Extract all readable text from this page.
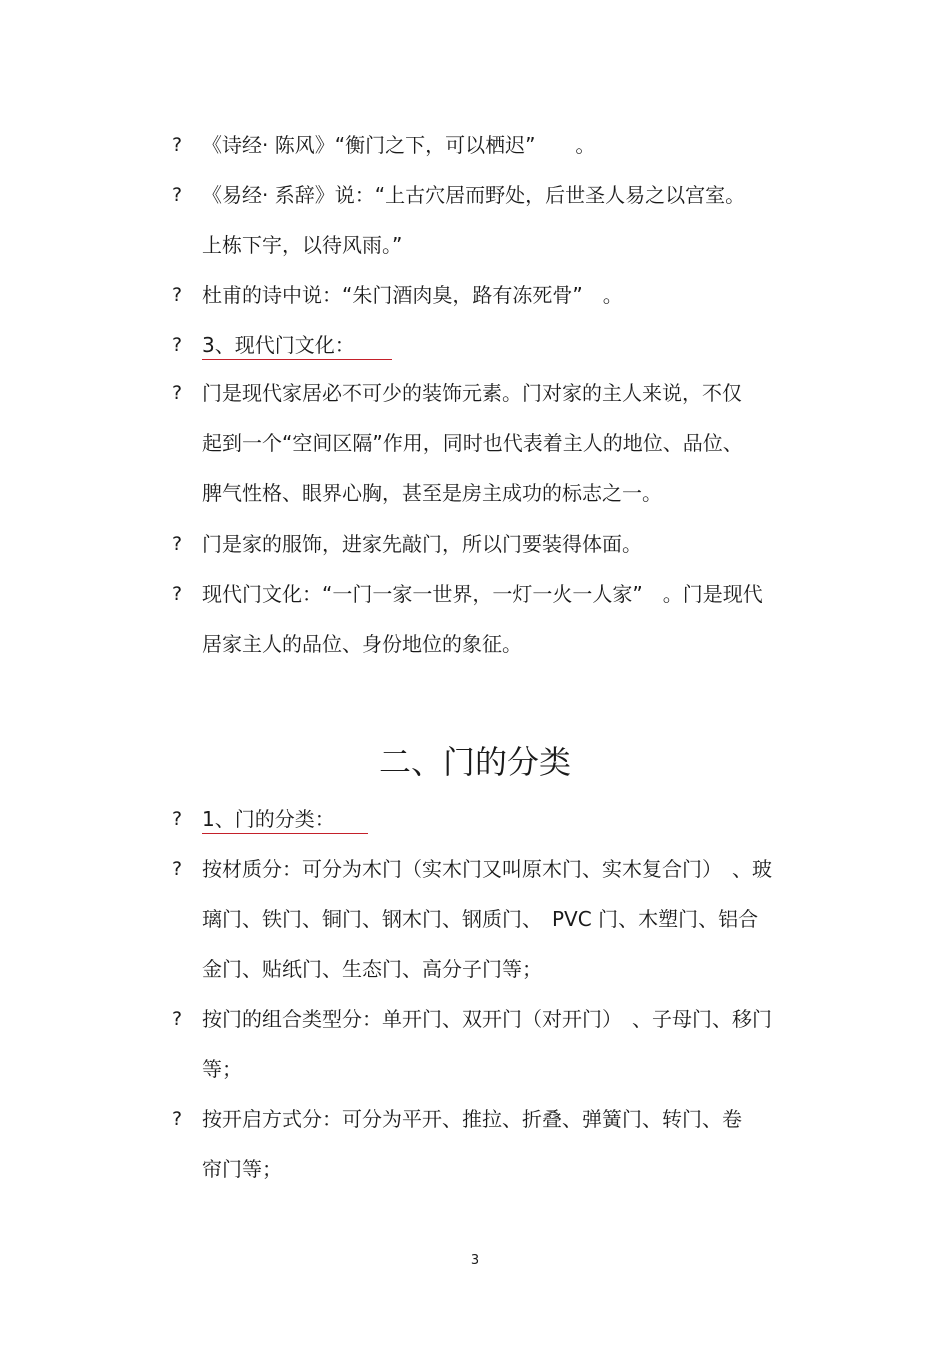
? 《诗经· 陈风》“衡门之下，可以栖迟”　　。
? 《易经· 系辞》说：“上古穴居而野处，后世圣人易之以宫室。
上栋下宇，以待风雨。”
? 杜甫的诗中说：“朱门酒肉臭，路有冻死骨”　。
? 3、现代门文化：
? 门是现代家居必不可少的装饰元素。门对家的主人来说，不仅
起到一个“空间区隔”作用，同时也代表着主人的地位、品位、
脾气性格、眼界心胸，甚至是房主成功的标志之一。
? 门是家的服饰，进家先敲门，所以门要装得体面。
? 现代门文化：“一门一家一世界，一灯一火一人家”　。门是现代
居家主人的品位、身份地位的象征。
二、门的分类
? 1、门的分类：
? 按材质分：可分为木门（实木门又叫原木门、实木复合门）　、玻
璃门、铁门、铜门、钢木门、钢质门、　PVC 门、木塑门、铝合
金门、贴纸门、生态门、高分子门等；
? 按门的组合类型分：单开门、双开门（对开门）　、子母门、移门
等；
? 按开启方式分：可分为平开、推拉、折叠、弹簧门、转门、卷
帘门等；
3
